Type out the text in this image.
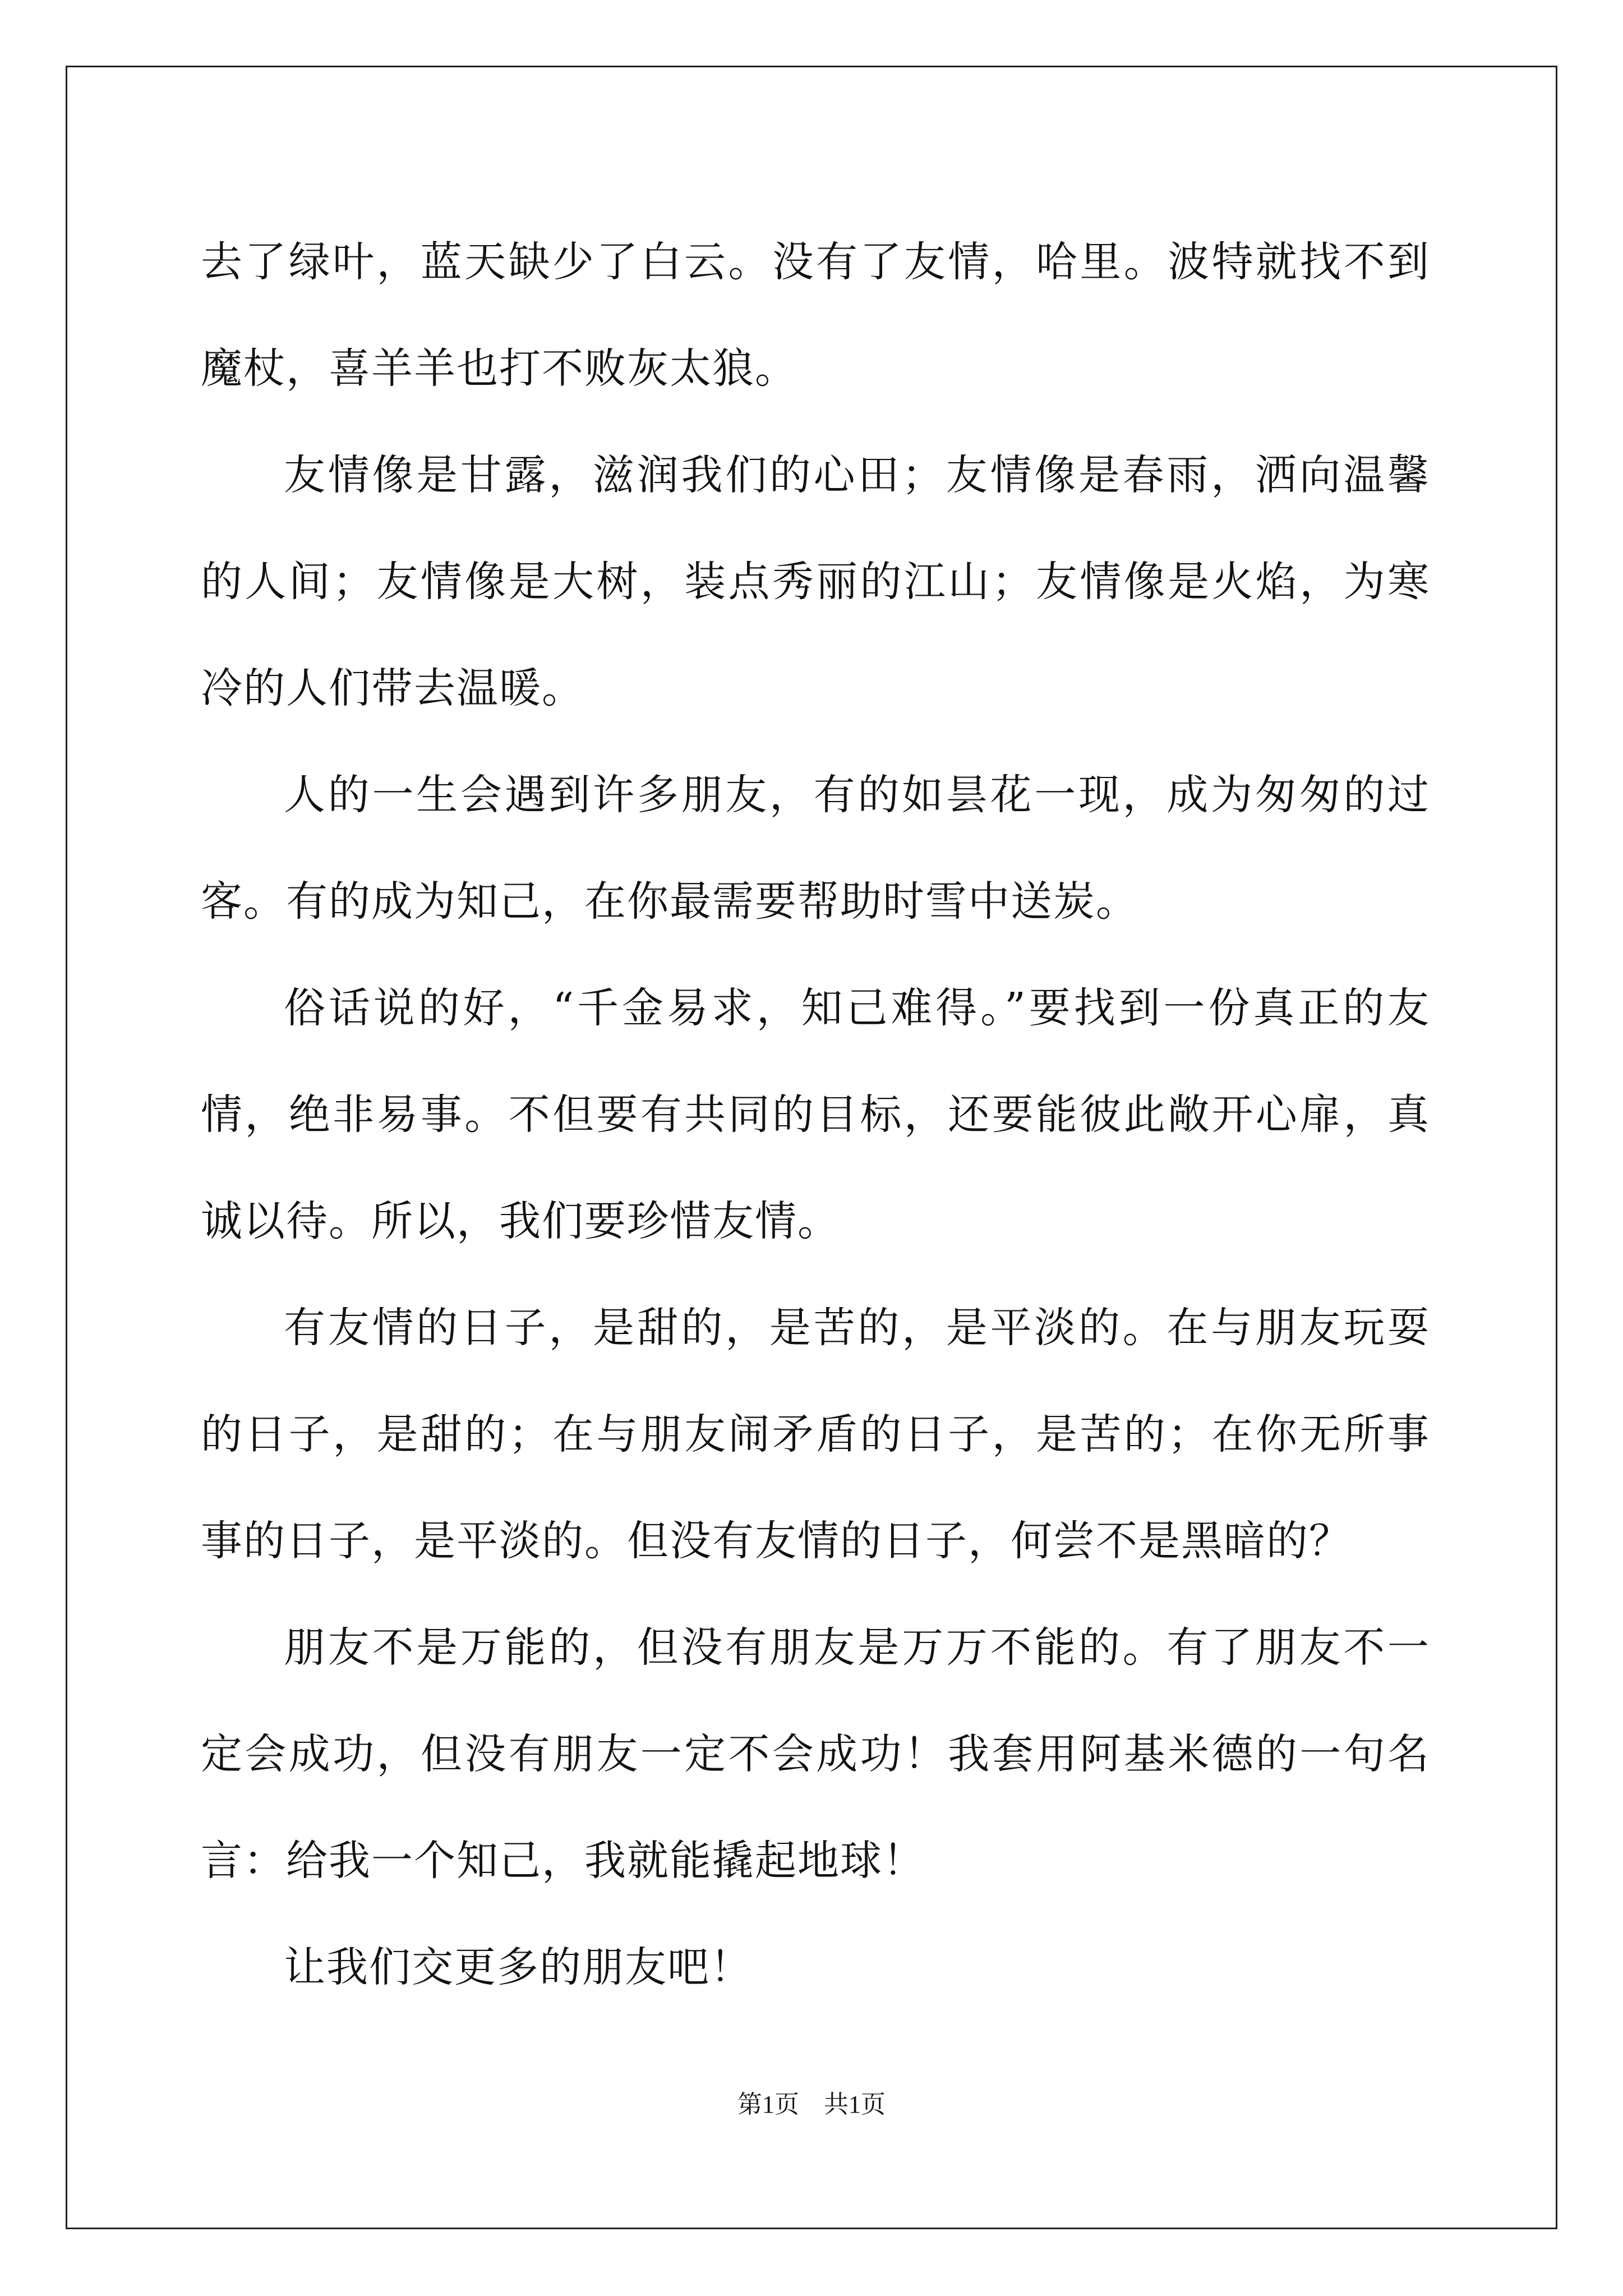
去了绿叶，蓝天缺少了白云。没有了友情，哈里。波特就找不到魔杖，喜羊羊也打不败灰太狼。

友情像是甘露，滋润我们的心田；友情像是春雨，洒向温馨的人间；友情像是大树，装点秀丽的江山；友情像是火焰，为寒冷的人们带去温暖。

人的一生会遇到许多朋友，有的如昙花一现，成为匆匆的过客。有的成为知己，在你最需要帮助时雪中送炭。

俗话说的好，“千金易求，知己难得。”要找到一份真正的友情，绝非易事。不但要有共同的目标，还要能彼此敞开心扉，真诚以待。所以，我们要珍惜友情。

有友情的日子，是甜的，是苦的，是平淡的。在与朋友玩耍的日子，是甜的；在与朋友闹矛盾的日子，是苦的；在你无所事事的日子，是平淡的。但没有友情的日子，何尝不是黑暗的？

朋友不是万能的，但没有朋友是万万不能的。有了朋友不一定会成功，但没有朋友一定不会成功！我套用阿基米德的一句名言：给我一个知己，我就能撬起地球！

让我们交更多的朋友吧！

第1页　共1页
